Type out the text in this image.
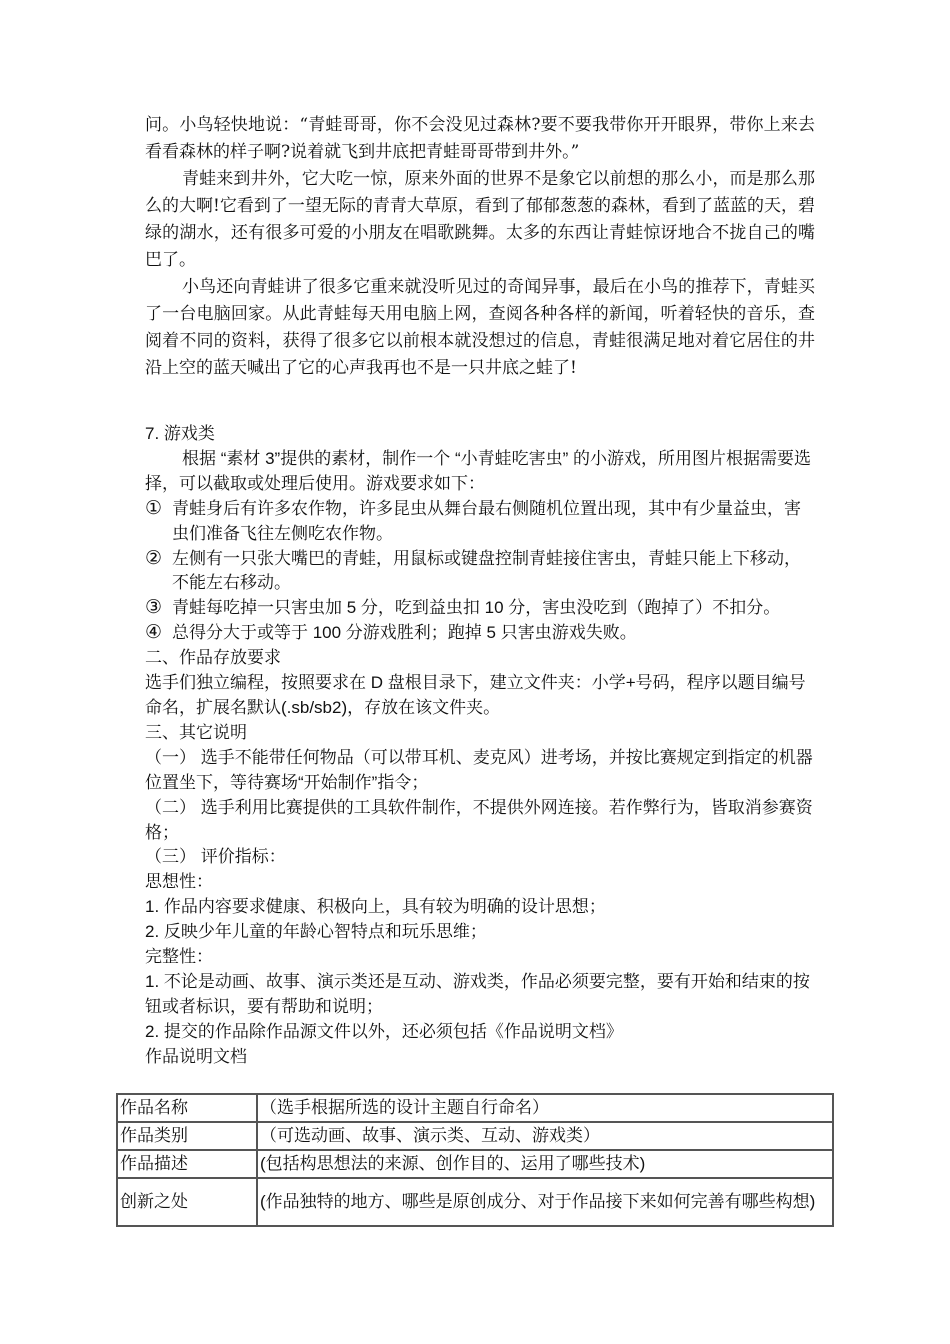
问。小鸟轻快地说：“青蛙哥哥，你不会没见过森林?要不要我带你开开眼界，带你上来去看看森林的样子啊?说着就飞到井底把青蛙哥哥带到井外。”

青蛙来到井外，它大吃一惊，原来外面的世界不是象它以前想的那么小，而是那么那么的大啊!它看到了一望无际的青青大草原，看到了郁郁葱葱的森林，看到了蓝蓝的天，碧绿的湖水，还有很多可爱的小朋友在唱歌跳舞。太多的东西让青蛙惊讶地合不拢自己的嘴巴了。

小鸟还向青蛙讲了很多它重来就没听见过的奇闻异事，最后在小鸟的推荐下，青蛙买了一台电脑回家。从此青蛙每天用电脑上网，查阅各种各样的新闻，听着轻快的音乐，查阅着不同的资料，获得了很多它以前根本就没想过的信息，青蛙很满足地对着它居住的井沿上空的蓝天喊出了它的心声我再也不是一只井底之蛙了!

7. 游戏类

根据 “素材 3”提供的素材，制作一个 “小青蛙吃害虫” 的小游戏，所用图片根据需要选择，可以截取或处理后使用。游戏要求如下：

① 青蛙身后有许多农作物，许多昆虫从舞台最右侧随机位置出现，其中有少量益虫，害虫们准备飞往左侧吃农作物。
② 左侧有一只张大嘴巴的青蛙，用鼠标或键盘控制青蛙接住害虫，青蛙只能上下移动，不能左右移动。
③ 青蛙每吃掉一只害虫加 5 分，吃到益虫扣 10 分，害虫没吃到（跑掉了）不扣分。
④ 总得分大于或等于 100 分游戏胜利；跑掉 5 只害虫游戏失败。

二、作品存放要求

选手们独立编程，按照要求在 D 盘根目录下，建立文件夹：小学+号码，程序以题目编号命名，扩展名默认(.sb/sb2)，存放在该文件夹。

三、其它说明

（一） 选手不能带任何物品（可以带耳机、麦克风）进考场，并按比赛规定到指定的机器位置坐下，等待赛场“开始制作”指令；

（二） 选手利用比赛提供的工具软件制作，不提供外网连接。若作弊行为，皆取消参赛资格；

（三） 评价指标：

思想性：

1. 作品内容要求健康、积极向上，具有较为明确的设计思想；

2. 反映少年儿童的年龄心智特点和玩乐思维；

完整性：

1. 不论是动画、故事、演示类还是互动、游戏类，作品必须要完整，要有开始和结束的按钮或者标识，要有帮助和说明；

2. 提交的作品除作品源文件以外，还必须包括《作品说明文档》

作品说明文档

作品名称	（选手根据所选的设计主题自行命名）
作品类别	（可选动画、故事、演示类、互动、游戏类）
作品描述	(包括构思想法的来源、创作目的、运用了哪些技术)
创新之处	(作品独特的地方、哪些是原创成分、对于作品接下来如何完善有哪些构想)
